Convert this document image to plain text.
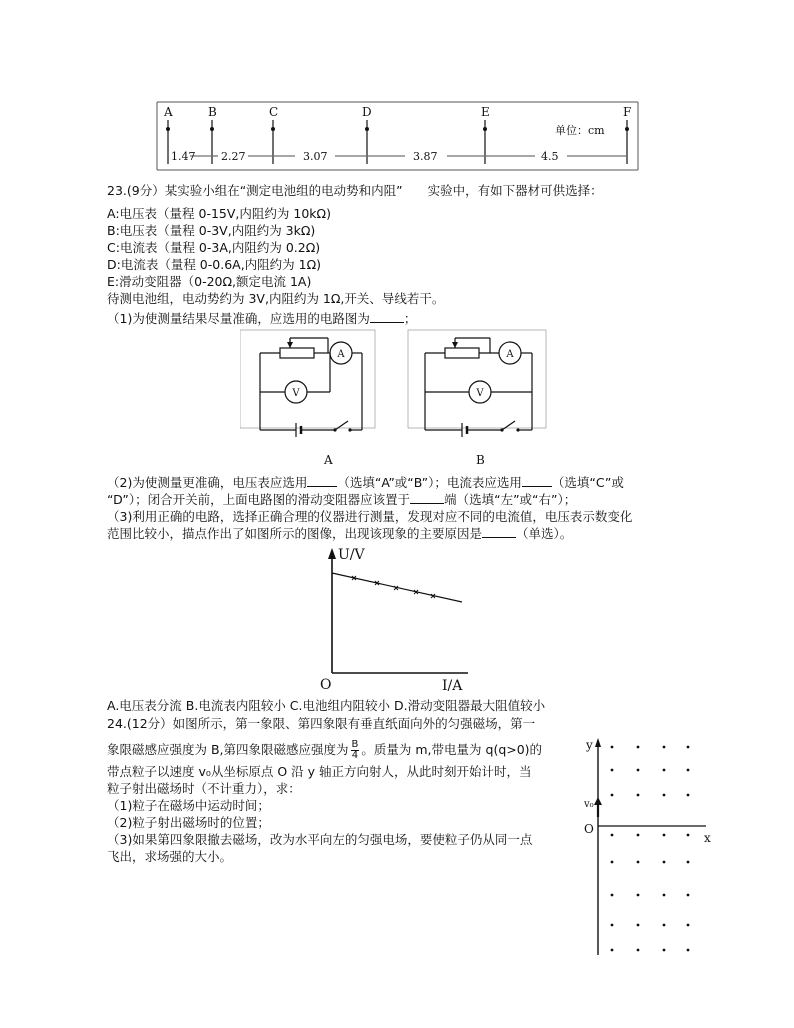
A	B	C	D	E	F
单位：cm
1.47 2.27	3.07	3.87	4.5
23.(9分）某实验小组在“测定电池组的电动势和内阻”　　实验中，有如下器材可供选择：
A:电压表（量程 0-15V,内阻约为 10kΩ)
B:电压表（量程 0-3V,内阻约为 3kΩ)
C:电流表（量程 0-3A,内阻约为 0.2Ω)
D:电流表（量程 0-0.6A,内阻约为 1Ω)
E:滑动变阻器（0-20Ω,额定电流 1A)
待测电池组，电动势约为 3V,内阻约为 1Ω,开关、导线若干。
（1)为使测量结果尽量准确，应选用的电路图为	；
A
V
A
A
V
B
（2)为使测量更准确，电压表应选用 （选填“A”或“B”）；电流表应选用 （选填“C”或
“D”）；闭合开关前，上面电路图的滑动变阻器应该置于	端（选填“左”或“右”）；
（3)利用正确的电路，选择正确合理的仪器进行测量，发现对应不同的电流值，电压表示数变化
范围比较小，描点作出了如图所示的图像，出现该现象的主要原因是	（单选）。
U/V
O	I/A
A.电压表分流 B.电流表内阻较小 C.电池组内阻较小 D.滑动变阻器最大阻值较小
24.(12分）如图所示，第一象限、第四象限有垂直纸面向外的匀强磁场，第一
象限磁感应强度为 B,第四象限磁感应强度为 $\frac{B}{4}$ 。质量为 m,带电量为 q(q>0)的
带点粒子以速度 v₀从坐标原点 O 沿 y 轴正方向射人，从此时刻开始计时，当
粒子射出磁场时（不计重力），求：
（1)粒子在磁场中运动时间；
（2)粒子射出磁场时的位置；
（3)如果第四象限撤去磁场，改为水平向左的匀强电场，要使粒子仍从同一点
飞出，求场强的大小。
y
v₀
O
x
